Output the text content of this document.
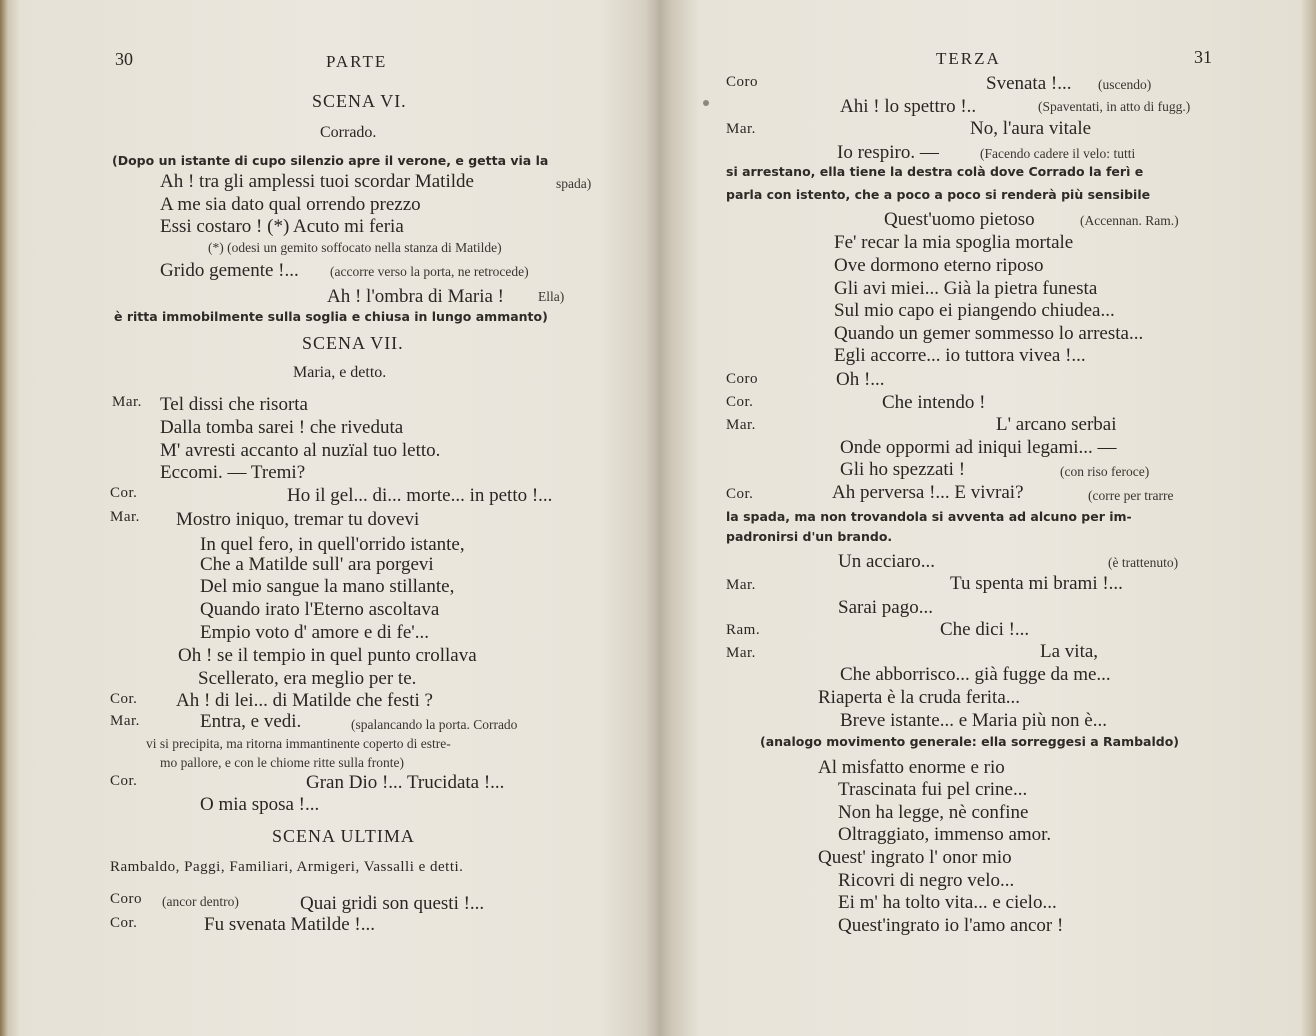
30	PARTE
SCENA VI.
Corrado.
(Dopo un istante di cupo silenzio apre il verone, e getta via la
Ah ! tra gli amplessi tuoi scordar Matilde	spada)
A me sia dato qual orrendo prezzo
Essi costaro ! (*) Acuto mi feria
(*) (odesi un gemito soffocato nella stanza di Matilde)
Grido gemente !... (accorre verso la porta, ne retrocede)
Ah ! l'ombra di Maria !	Ella)
è ritta immobilmente sulla soglia e chiusa in lungo ammanto)
SCENA VII.
Maria, e detto.
Mar. Tel dissi che risorta
Dalla tomba sarei ! che riveduta
M' avresti accanto al nuzïal tuo letto.
Eccomi. — Tremi?
Cor.	Ho il gel... di... morte... in petto !...
Mar. Mostro iniquo, tremar tu dovevi
In quel fero, in quell'orrido istante,
Che a Matilde sull' ara porgevi
Del mio sangue la mano stillante,
Quando irato l'Eterno ascoltava
Empio voto d' amore e di fe'...
Oh ! se il tempio in quel punto crollava
Scellerato, era meglio per te.
Cor. Ah ! di lei... di Matilde che festi ?
Mar.	Entra, e vedi.	(spalancando la porta. Corrado
vi si precipita, ma ritorna immantinente coperto di estre-
mo pallore, e con le chiome ritte sulla fronte)
Cor.	Gran Dio !... Trucidata !...
O mia sposa !...
SCENA ULTIMA
Rambaldo, Paggi, Familiari, Armigeri, Vassalli e detti.
Coro (ancor dentro)	Quai gridi son questi !...
Cor.	Fu svenata Matilde !...
TERZA	31
Coro	Svenata !... (uscendo)
Ahi ! lo spettro !..	(Spaventati, in atto di fugg.)
Mar.	No, l'aura vitale
Io respiro. —	(Facendo cadere il velo: tutti
si arrestano, ella tiene la destra colà dove Corrado la ferì e
parla con istento, che a poco a poco si renderà più sensibile
Quest'uomo pietoso	(Accennan. Ram.)
Fe' recar la mia spoglia mortale
Ove dormono eterno riposo
Gli avi miei... Già la pietra funesta
Sul mio capo ei piangendo chiudea...
Quando un gemer sommesso lo arresta...
Egli accorre... io tuttora vivea !...
Coro	Oh !...
Cor.	Che intendo !
Mar.	L' arcano serbai
Onde oppormi ad iniqui legami... —
Gli ho spezzati !	(con riso feroce)
Cor.	Ah perversa !... E vivrai?	(corre per trarre
la spada, ma non trovandola si avventa ad alcuno per im-
padronirsi d'un brando.
Un acciaro...	(è trattenuto)
Mar.	Tu spenta mi brami !...
Sarai pago...
Ram.	Che dici !...
Mar.	La vita,
Che abborrisco... già fugge da me...
Riaperta è la cruda ferita...
Breve istante... e Maria più non è...
(analogo movimento generale: ella sorreggesi a Rambaldo)
Al misfatto enorme e rio
Trascinata fui pel crine...
Non ha legge, nè confine
Oltraggiato, immenso amor.
Quest' ingrato l' onor mio
Ricovri di negro velo...
Ei m' ha tolto vita... e cielo...
Quest'ingrato io l'amo ancor !
